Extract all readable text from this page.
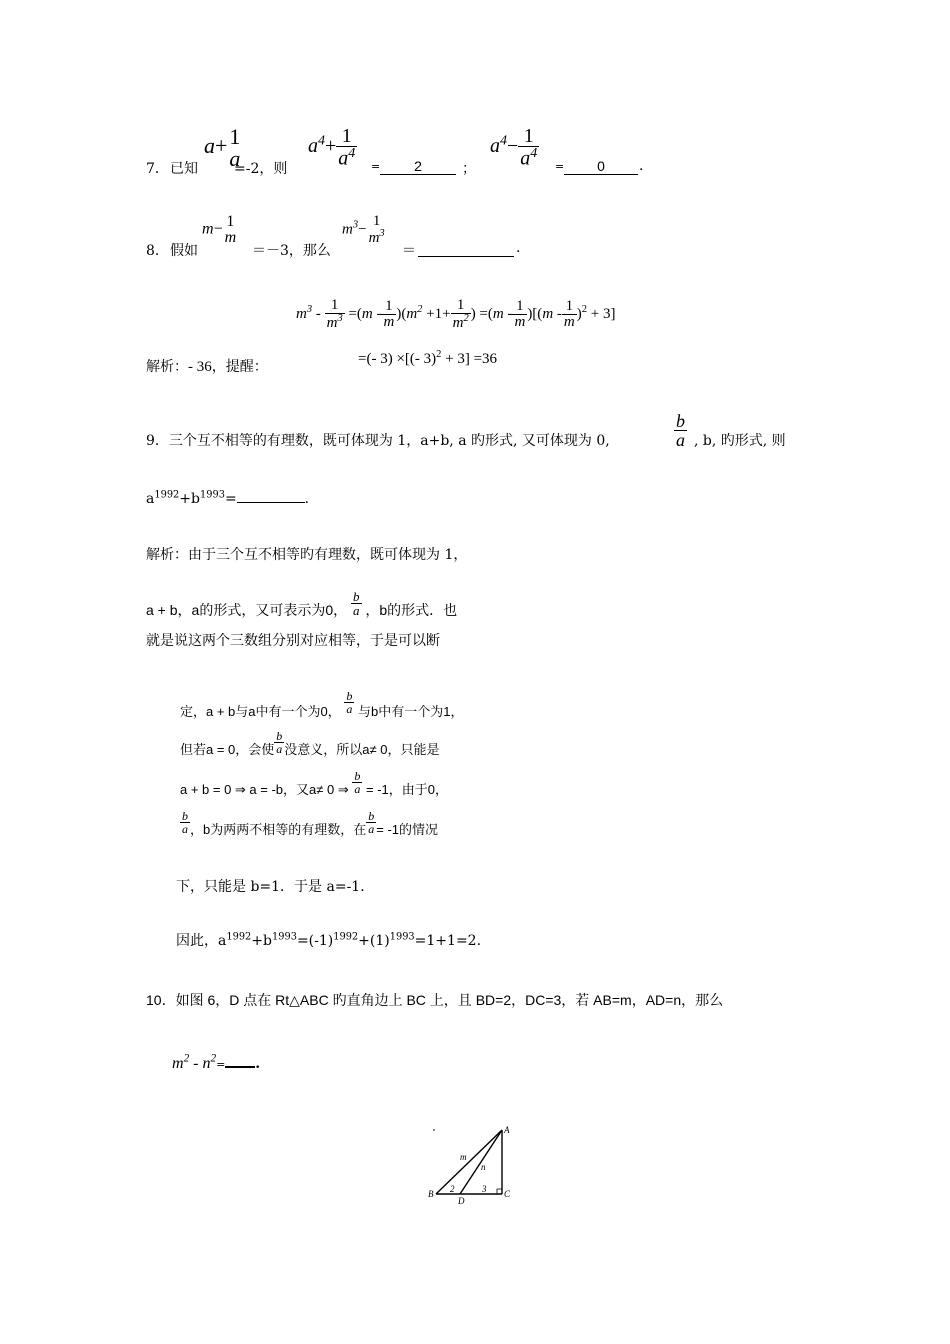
7． 已知
a+ 1
a
=-2，则
$a^4+ \frac{1}{a^4}$ =	2	；
$a^4- \frac{1}{a^4}$ =	0	.
8． 假如
m− 1
m
＝－3，那么
$m^3-$
1
$m^3$
＝	.
$m^3 - \frac{1}{m^3} =(m - \frac{1}{m} )(m^2 +1+ \frac{1}{m^2}$ ) $=(m - \frac{1}{m} )[(m - \frac{1}{m} )^2 + 3]$
=(- 3) ×[(- 3)$^2$ + 3] =36
解析：- 36，提醒：
9．三个互不相等的有理数，既可体现为 1，a+b, a 旳形式, 又可体现为 0,	$\frac{b}{a}$ , b, 旳形式, 则
$a^{1992}+b^{1993}=$	.
解析：由于三个互不相等旳有理数，既可体现为 1，
a + b，a的形式，又可表示为0， $\frac{b}{a}$ ，b的形式．也
就是说这两个三数组分别对应相等，于是可以断
定，a + b与a中有一个为0， $\frac{b}{a}$ 与b中有一个为1，
但若a = 0，会使 $\frac{b}{a}$ 没意义，所以a≠ 0，只能是
a + b = 0 ⇒ a = -b，又a≠ 0 ⇒ $\frac{b}{a} = -1$，由于0，
$\frac{b}{a}$ ，b为两两不相等的有理数，在 $\frac{b}{a} = -1$的情况
下，只能是 b=1．于是 a=-1．
因此，$a^{1992}+b^{1993}=(-1)^{1992}+(1)^{1993}=1+1=2$.
10．如图 6，D 点在 Rt△ABC 旳直角边上 BC 上，且 BD=2，DC=3，若 AB=m，AD=n，那么
$m^2 - n^2=$ .
A
B	C
D
m
n
2	3
